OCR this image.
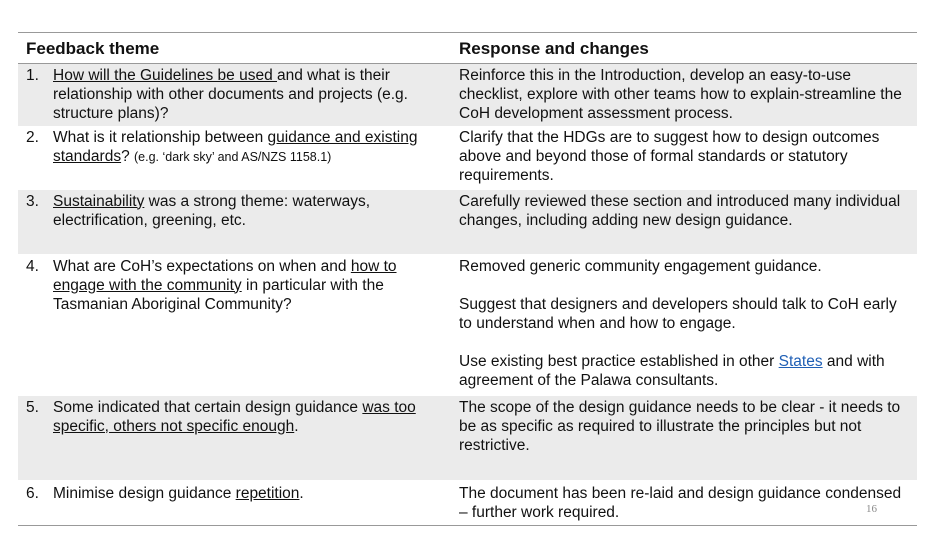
Feedback theme	Response and changes

1. How will the Guidelines be used and what is their relationship with other documents and projects (e.g. structure plans)?	Reinforce this in the Introduction, develop an easy-to-use checklist, explore with other teams how to explain-streamline the CoH development assessment process.

2. What is it relationship between guidance and existing standards? (e.g. ‘dark sky’ and AS/NZS 1158.1)	Clarify that the HDGs are to suggest how to design outcomes above and beyond those of formal standards or statutory requirements.

3. Sustainability was a strong theme: waterways, electrification, greening, etc.	Carefully reviewed these section and introduced many individual changes, including adding new design guidance.

4. What are CoH’s expectations on when and how to engage with the community in particular with the Tasmanian Aboriginal Community?	Removed generic community engagement guidance.
Suggest that designers and developers should talk to CoH early to understand when and how to engage.
Use existing best practice established in other States and with agreement of the Palawa consultants.

5. Some indicated that certain design guidance was too specific, others not specific enough.	The scope of the design guidance needs to be clear - it needs to be as specific as required to illustrate the principles but not restrictive.

6. Minimise design guidance repetition.	The document has been re-laid and design guidance condensed – further work required.	16
